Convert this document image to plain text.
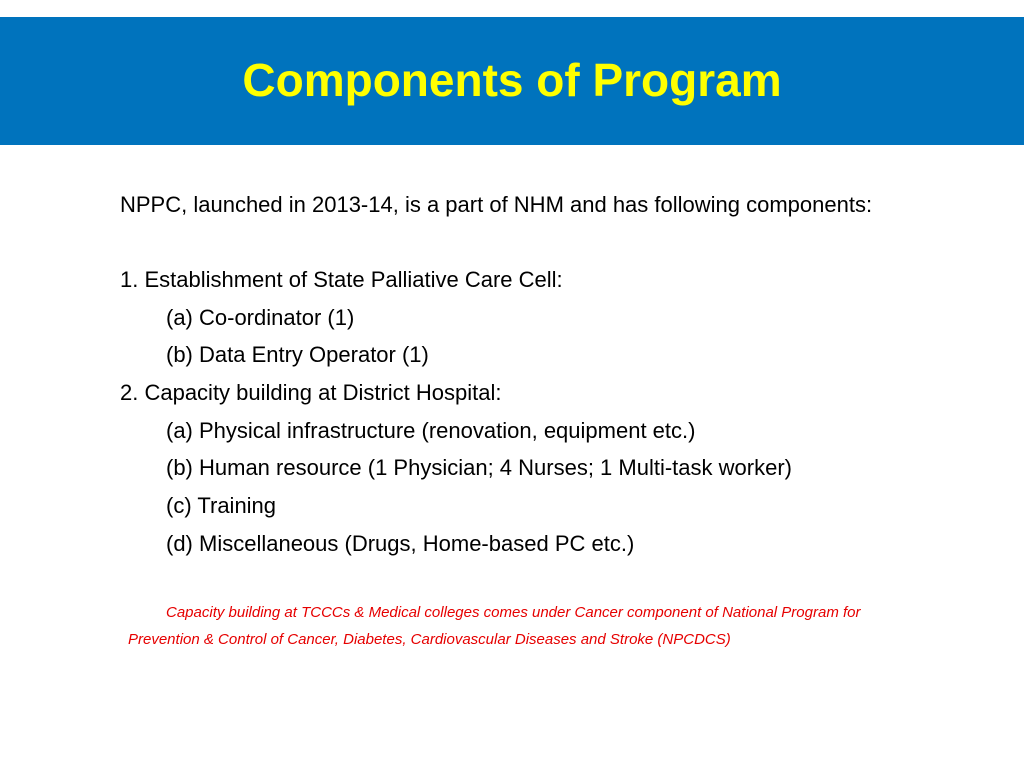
Components of Program
NPPC, launched in 2013-14, is a part of NHM and has following components:
1. Establishment of State Palliative Care Cell:
(a) Co-ordinator (1)
(b) Data Entry Operator (1)
2. Capacity building at District Hospital:
(a) Physical infrastructure (renovation, equipment etc.)
(b) Human resource (1 Physician; 4 Nurses; 1 Multi-task worker)
(c) Training
(d) Miscellaneous (Drugs, Home-based PC etc.)
Capacity building at TCCCs & Medical colleges comes under Cancer component of National Program for
Prevention & Control of Cancer, Diabetes, Cardiovascular Diseases and Stroke (NPCDCS)
